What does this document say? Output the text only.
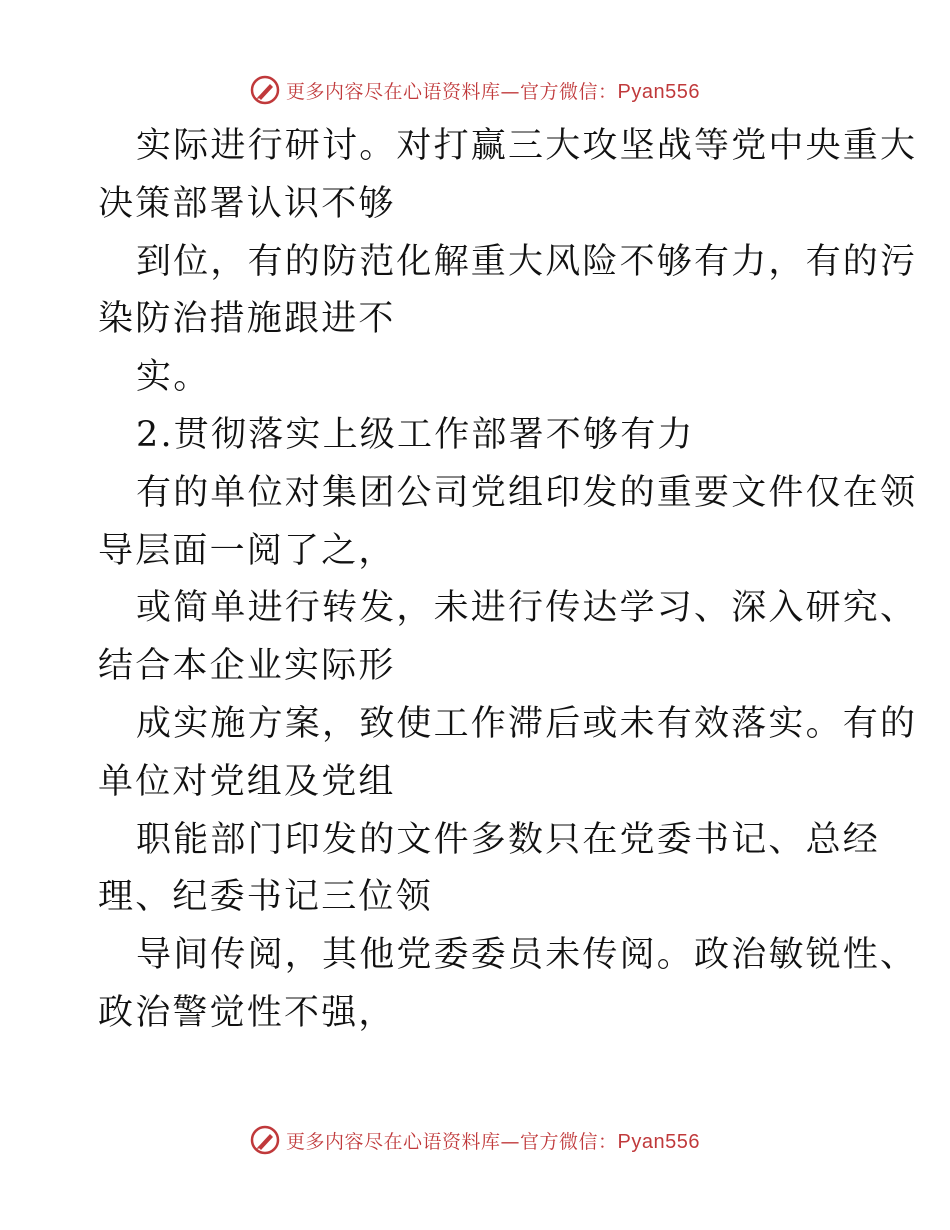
更多内容尽在心语资料库—官方微信：Pyan556
实际进行研讨。对打赢三大攻坚战等党中央重大
决策部署认识不够
到位，有的防范化解重大风险不够有力，有的污
染防治措施跟进不
实。
2.贯彻落实上级工作部署不够有力
有的单位对集团公司党组印发的重要文件仅在领
导层面一阅了之，
或简单进行转发，未进行传达学习、深入研究、
结合本企业实际形
成实施方案，致使工作滞后或未有效落实。有的
单位对党组及党组
职能部门印发的文件多数只在党委书记、总经
理、纪委书记三位领
导间传阅，其他党委委员未传阅。政治敏锐性、
政治警觉性不强，
更多内容尽在心语资料库—官方微信：Pyan556
